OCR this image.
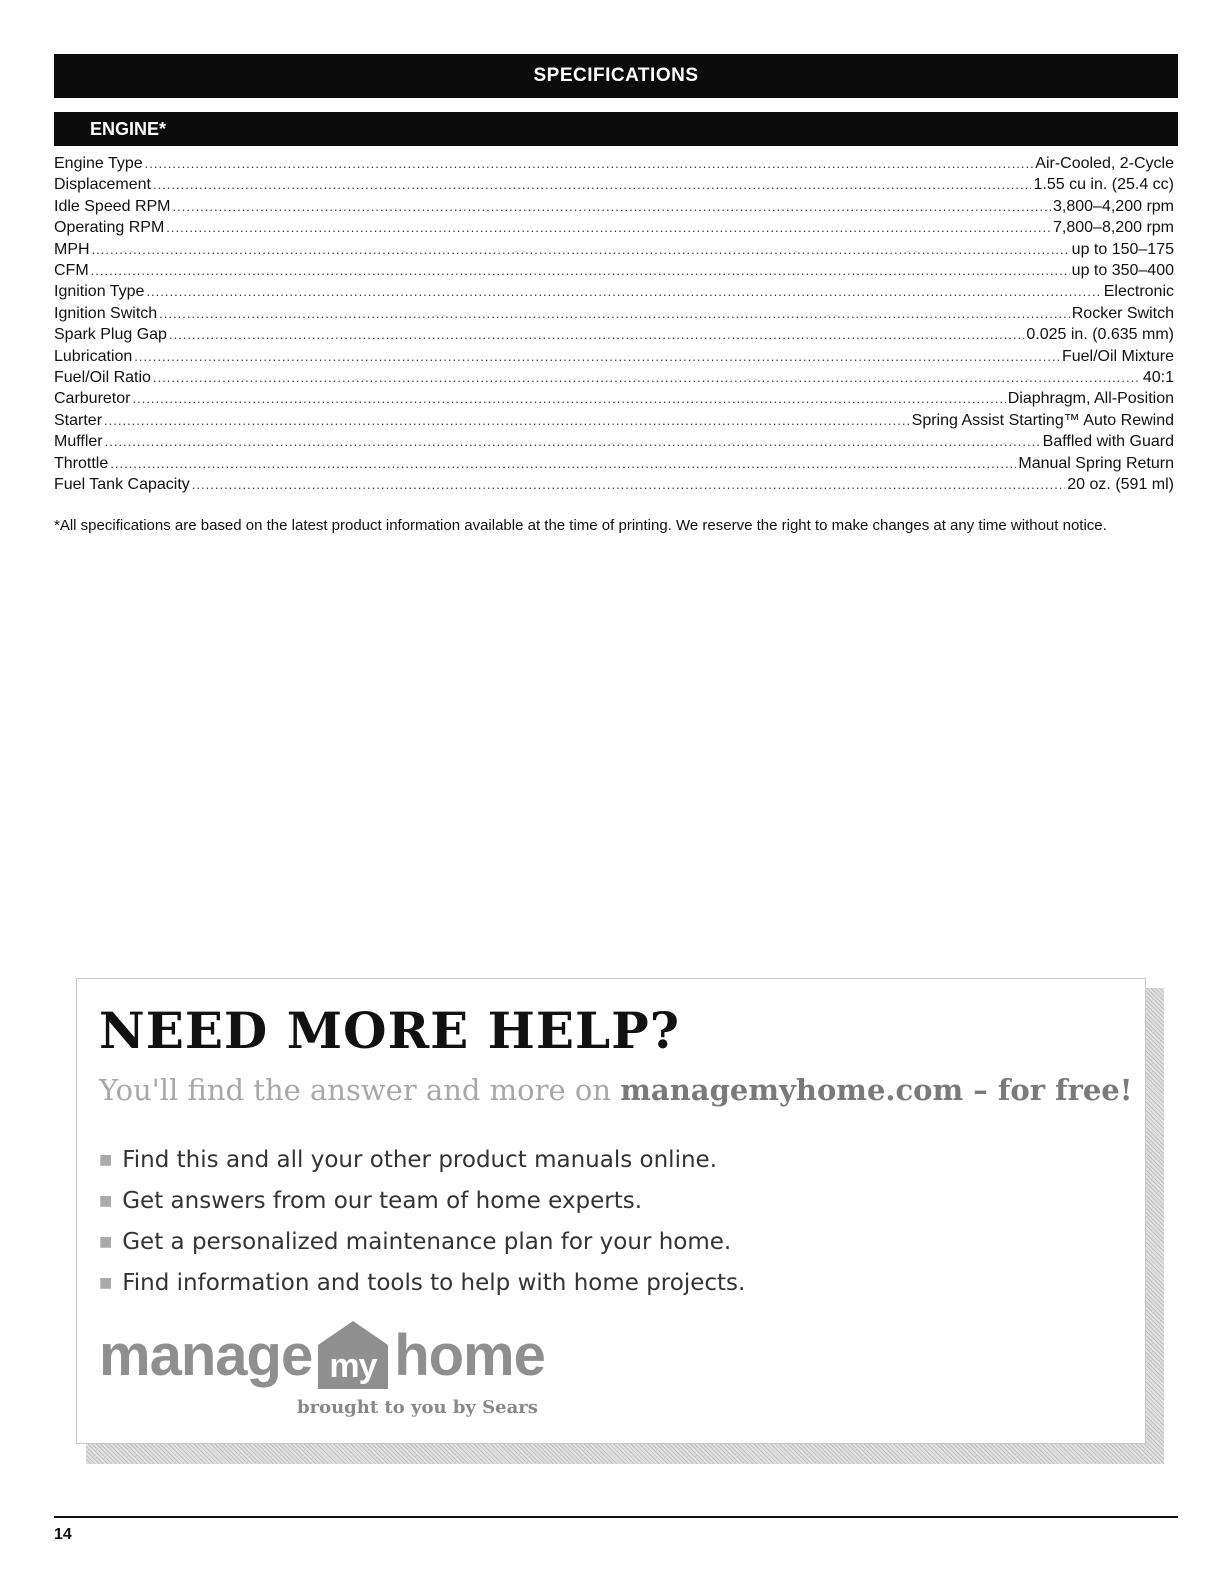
SPECIFICATIONS
ENGINE*
Engine Type .....	Air-Cooled, 2-Cycle
Displacement .....	1.55 cu in. (25.4 cc)
Idle Speed RPM .....	3,800–4,200 rpm
Operating RPM .....	7,800–8,200 rpm
MPH .....	up to 150–175
CFM .....	up to 350–400
Ignition Type .....	Electronic
Ignition Switch .....	Rocker Switch
Spark Plug Gap .....	0.025 in. (0.635 mm)
Lubrication .....	Fuel/Oil Mixture
Fuel/Oil Ratio .....	40:1
Carburetor .....	Diaphragm, All-Position
Starter .....	Spring Assist Starting™ Auto Rewind
Muffler .....	Baffled with Guard
Throttle .....	Manual Spring Return
Fuel Tank Capacity .....	20 oz. (591 ml)
*All specifications are based on the latest product information available at the time of printing. We reserve the right to make changes at any time without notice.
NEED MORE HELP?
You'll find the answer and more on managemyhome.com – for free!
■ Find this and all your other product manuals online.
■ Get answers from our team of home experts.
■ Get a personalized maintenance plan for your home.
■ Find information and tools to help with home projects.
manage my home
brought to you by Sears
14
